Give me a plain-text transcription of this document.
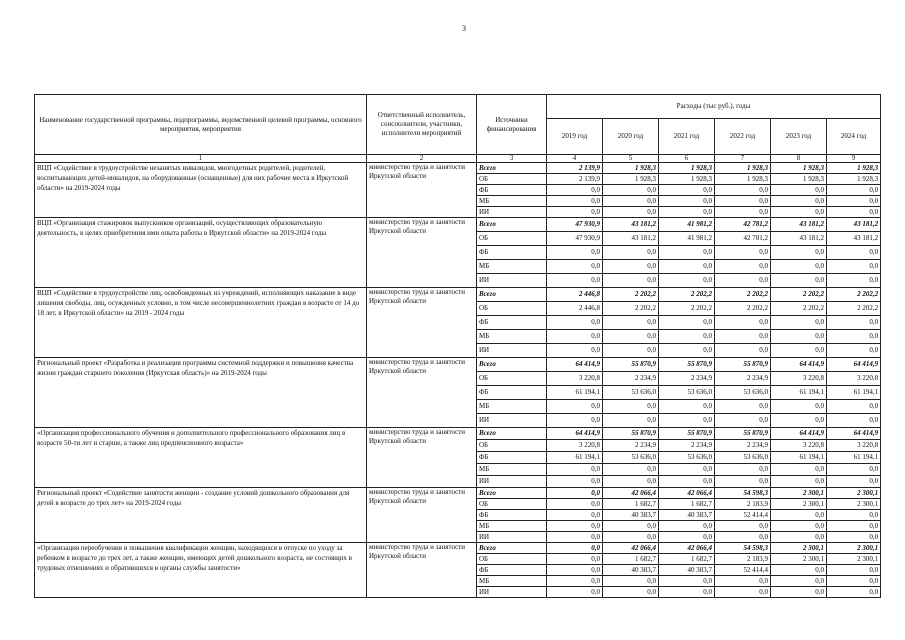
3
Наименование государственной программы, подпрограммы, ведомственной целевой программы, основного мероприятия, мероприятия	Ответственный исполнитель, соисполнители, участники, исполнители мероприятий	Источники финансирования	Расходы (тыс руб.), годы					
			2019 год	2020 год	2021 год	2022 год	2023 год	2024 год
1	2	3	4	5	6	7	8	9
ВЦП «Содействие в трудоустройстве незанятых инвалидов, многодетных родителей, родителей, воспитывающих детей-инвалидов, на оборудованные (оснащенные) для них рабочие места в Иркутской области» на 2019-2024 годы	министерство труда и занятости Иркутской области	Всего	2 139,9	1 928,3	1 928,3	1 928,3	1 928,3	1 928,3
		ОБ	2 139,9	1 928,3	1 928,3	1 928,3	1 928,3	1 928,3
		ФБ	0,0	0,0	0,0	0,0	0,0	0,0
		МБ	0,0	0,0	0,0	0,0	0,0	0,0
		ИИ	0,0	0,0	0,0	0,0	0,0	0,0
ВЦП «Организация стажировок выпускников организаций, осуществляющих образовательную деятельность, в целях приобретения ими опыта работы в Иркутской области» на 2019-2024 годы	министерство труда и занятости Иркутской области	Всего	47 930,9	43 181,2	41 981,2	42 781,2	43 181,2	43 181,2
		ОБ	47 930,9	43 181,2	41 981,2	42 781,2	43 181,2	43 181,2
		ФБ	0,0	0,0	0,0	0,0	0,0	0,0
		МБ	0,0	0,0	0,0	0,0	0,0	0,0
		ИИ	0,0	0,0	0,0	0,0	0,0	0,0
ВЦП «Содействие в трудоустройстве лиц, освобожденных из учреждений, исполняющих наказание в виде лишения свободы, лиц, осужденных условно, в том числе несовершеннолетних граждан в возрасте от 14 до 18 лет, в Иркутской области» на 2019 - 2024 годы	министерство труда и занятости Иркутской области	Всего	2 446,8	2 202,2	2 202,2	2 202,2	2 202,2	2 202,2
		ОБ	2 446,8	2 202,2	2 202,2	2 202,2	2 202,2	2 202,2
		ФБ	0,0	0,0	0,0	0,0	0,0	0,0
		МБ	0,0	0,0	0,0	0,0	0,0	0,0
		ИИ	0,0	0,0	0,0	0,0	0,0	0,0
Региональный проект «Разработка и реализация программы системной поддержки и повышения качества жизни граждан старшего поколения (Иркутская область)» на 2019-2024 годы	министерство труда и занятости Иркутской области	Всего	64 414,9	55 870,9	55 870,9	55 870,9	64 414,9	64 414,9
		ОБ	3 220,8	2 234,9	2 234,9	2 234,9	3 220,8	3 220,8
		ФБ	61 194,1	53 636,0	53 636,0	53 636,0	61 194,1	61 194,1
		МБ	0,0	0,0	0,0	0,0	0,0	0,0
		ИИ	0,0	0,0	0,0	0,0	0,0	0,0
«Организация профессионального обучения и дополнительного профессионального образования лиц в возрасте 50-ти лет и старше, а также лиц предпенсионного возраста»	министерство труда и занятости Иркутской области	Всего	64 414,9	55 870,9	55 870,9	55 870,9	64 414,9	64 414,9
		ОБ	3 220,8	2 234,9	2 234,9	2 234,9	3 220,8	3 220,8
		ФБ	61 194,1	53 636,0	53 636,0	53 636,0	61 194,1	61 194,1
		МБ	0,0	0,0	0,0	0,0	0,0	0,0
		ИИ	0,0	0,0	0,0	0,0	0,0	0,0
Региональный проект «Содействие занятости женщин - создание условий дошкольного образования для детей в возрасте до трех лет» на 2019-2024 годы	министерство труда и занятости Иркутской области	Всего	0,0	42 066,4	42 066,4	54 598,3	2 300,1	2 300,1
		ОБ	0,0	1 682,7	1 682,7	2 183,9	2 300,1	2 300,1
		ФБ	0,0	40 383,7	40 383,7	52 414,4	0,0	0,0
		МБ	0,0	0,0	0,0	0,0	0,0	0,0
		ИИ	0,0	0,0	0,0	0,0	0,0	0,0
«Организация переобучения и повышения квалификации женщин, находящихся в отпуске по уходу за ребенком в возрасте до трех лет, а также женщин, имеющих детей дошкольного возраста, не состоящих в трудовых отношениях и обратившихся в органы службы занятости»	министерство труда и занятости Иркутской области	Всего	0,0	42 066,4	42 066,4	54 598,3	2 300,1	2 300,1
		ОБ	0,0	1 682,7	1 682,7	2 183,9	2 300,1	2 300,1
		ФБ	0,0	40 383,7	40 383,7	52 414,4	0,0	0,0
		МБ	0,0	0,0	0,0	0,0	0,0	0,0
		ИИ	0,0	0,0	0,0	0,0	0,0	0,0
